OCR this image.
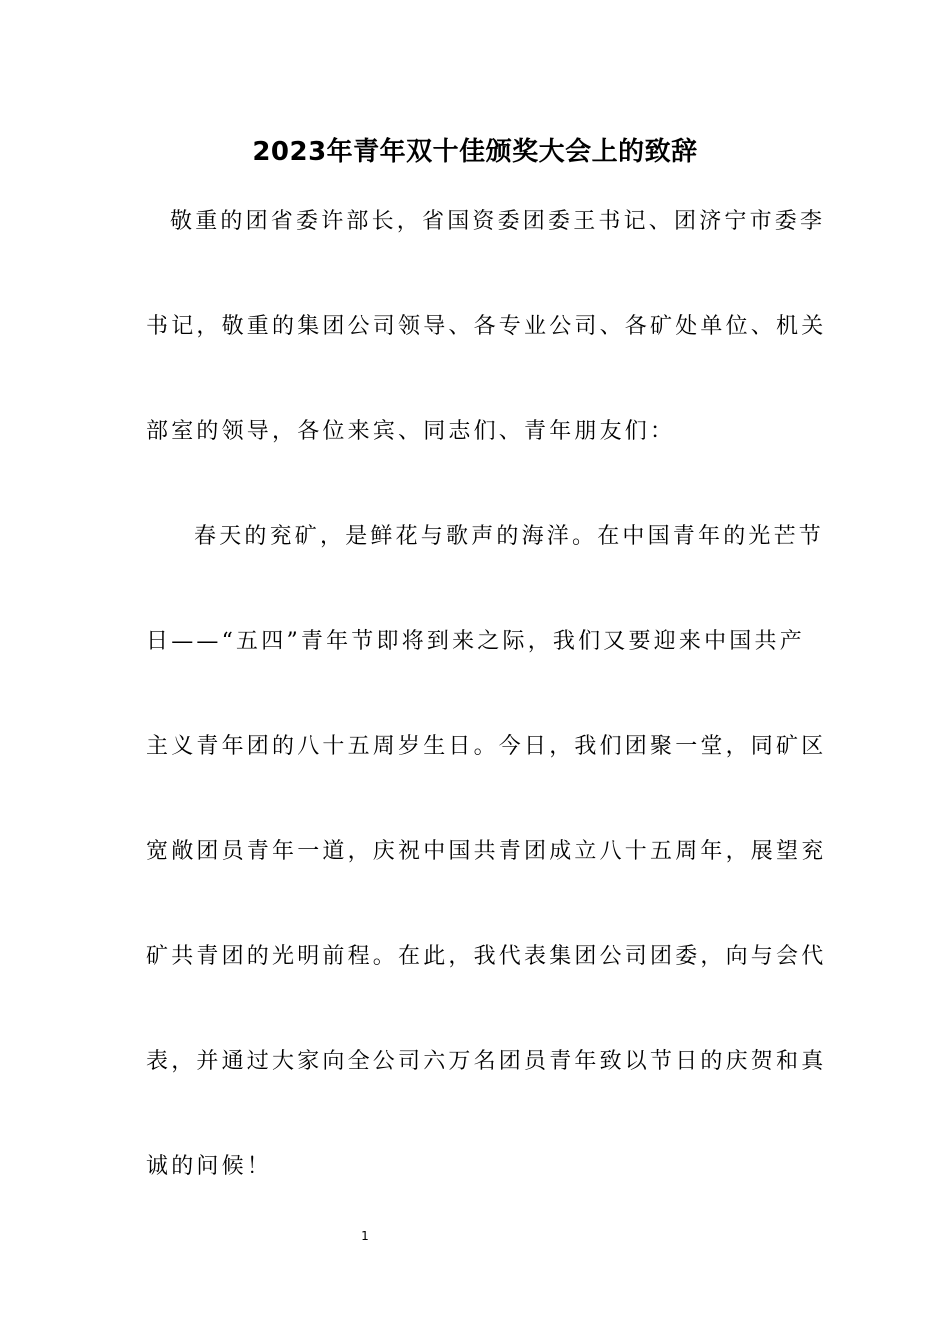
2023年青年双十佳颁奖大会上的致辞
敬重的团省委许部长，省国资委团委王书记、团济宁市委李
书记，敬重的集团公司领导、各专业公司、各矿处单位、机关
部室的领导，各位来宾、同志们、青年朋友们：
春天的兖矿，是鲜花与歌声的海洋。在中国青年的光芒节
日——“五四”青年节即将到来之际，我们又要迎来中国共产
主义青年团的八十五周岁生日。今日，我们团聚一堂，同矿区
宽敞团员青年一道，庆祝中国共青团成立八十五周年，展望兖
矿共青团的光明前程。在此，我代表集团公司团委，向与会代
表，并通过大家向全公司六万名团员青年致以节日的庆贺和真
诚的问候！
1
